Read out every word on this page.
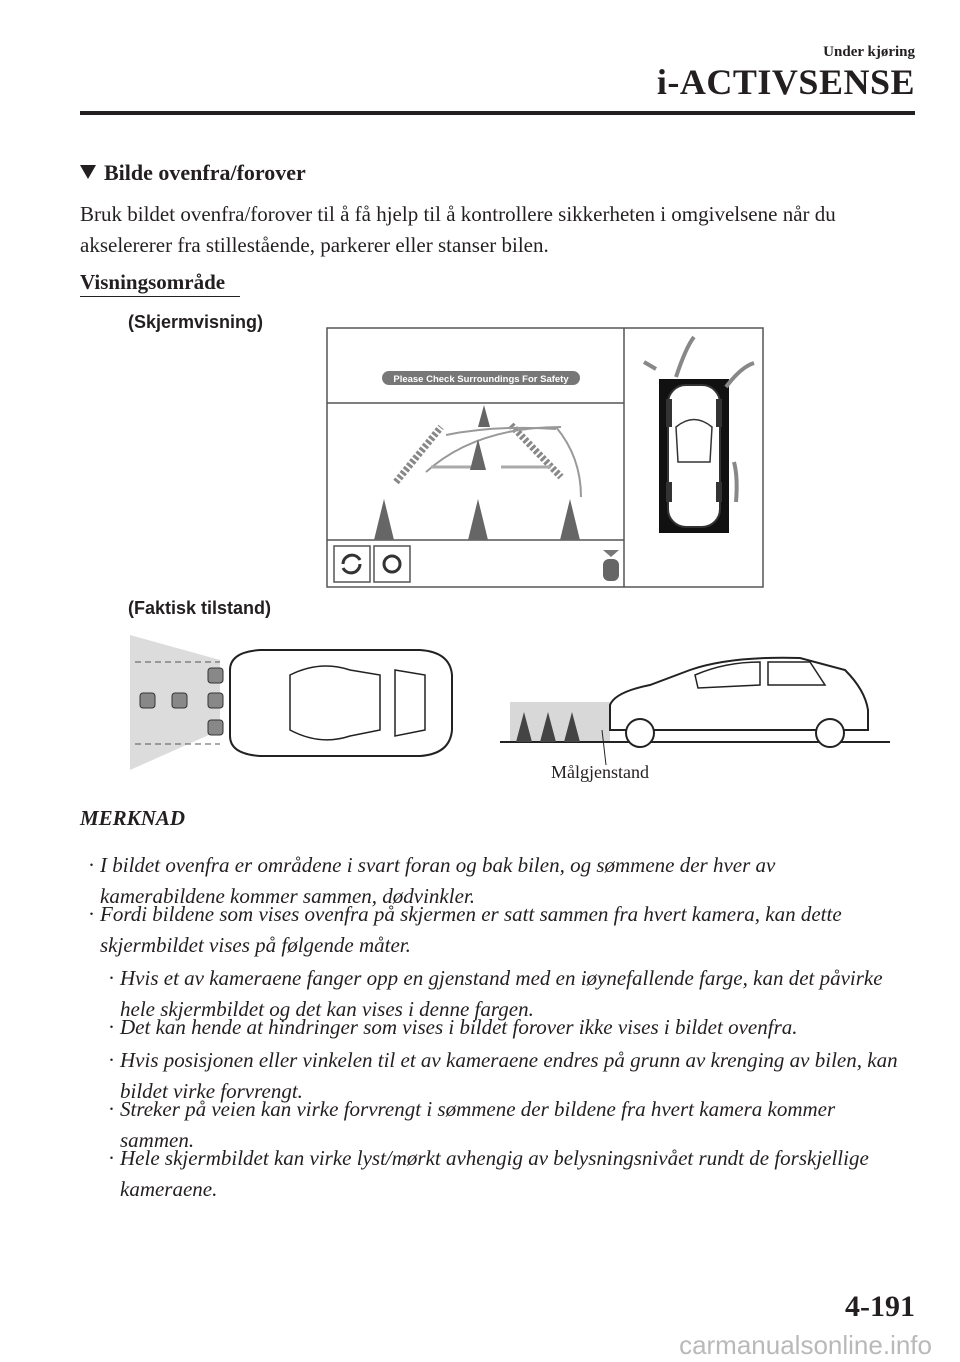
Under kjøring
i-ACTIVSENSE
Bilde ovenfra/forover
Bruk bildet ovenfra/forover til å få hjelp til å kontrollere sikkerheten i omgivelsene når du akselererer fra stillestående, parkerer eller stanser bilen.
Visningsområde
(Skjermvisning)
Please Check Surroundings For Safety
(Faktisk tilstand)
Målgjenstand
MERKNAD
· I bildet ovenfra er områdene i svart foran og bak bilen, og sømmene der hver av kamerabildene kommer sammen, dødvinkler.
· Fordi bildene som vises ovenfra på skjermen er satt sammen fra hvert kamera, kan dette skjermbildet vises på følgende måter.
· Hvis et av kameraene fanger opp en gjenstand med en iøynefallende farge, kan det påvirke hele skjermbildet og det kan vises i denne fargen.
· Det kan hende at hindringer som vises i bildet forover ikke vises i bildet ovenfra.
· Hvis posisjonen eller vinkelen til et av kameraene endres på grunn av krenging av bilen, kan bildet virke forvrengt.
· Streker på veien kan virke forvrengt i sømmene der bildene fra hvert kamera kommer sammen.
· Hele skjermbildet kan virke lyst/mørkt avhengig av belysningsnivået rundt de forskjellige kameraene.
4-191
carmanualsonline.info
